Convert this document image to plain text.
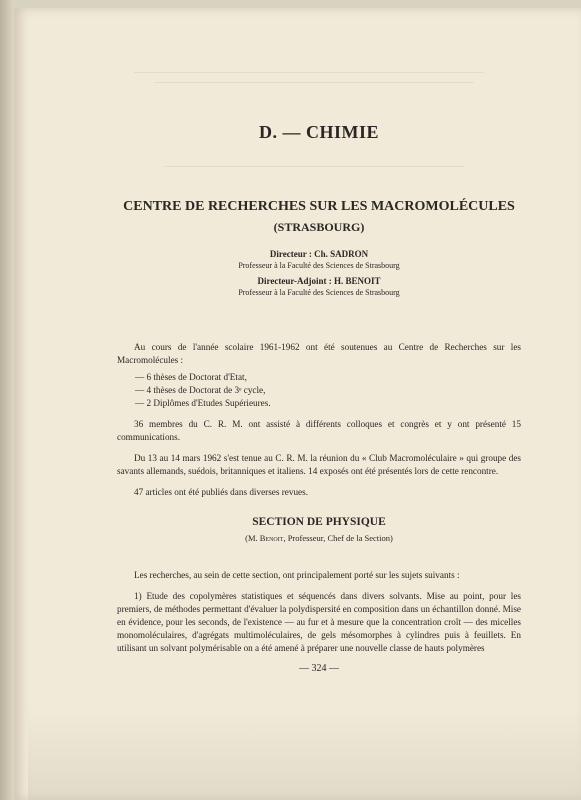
D. — CHIMIE
CENTRE DE RECHERCHES SUR LES MACROMOLÉCULES
(STRASBOURG)
Directeur : Ch. SADRON
Professeur à la Faculté des Sciences de Strasbourg
Directeur-Adjoint : H. BENOIT
Professeur à la Faculté des Sciences de Strasbourg

Au cours de l'année scolaire 1961-1962 ont été soutenues au Centre de Recherches sur les Macromolécules :

— 6 thèses de Doctorat d'Etat,
— 4 thèses de Doctorat de 3ᵉ cycle,
— 2 Diplômes d'Etudes Supérieures.

36 membres du C. R. M. ont assisté à différents colloques et congrès et y ont présenté 15 communications.

Du 13 au 14 mars 1962 s'est tenue au C. R. M. la réunion du « Club Macromoléculaire » qui groupe des savants allemands, suédois, britanniques et italiens. 14 exposés ont été présentés lors de cette rencontre.

47 articles ont été publiés dans diverses revues.

SECTION DE PHYSIQUE
(M. Benoit, Professeur, Chef de la Section)

Les recherches, au sein de cette section, ont principalement porté sur les sujets suivants :

1) Etude des copolymères statistiques et séquencés dans divers solvants. Mise au point, pour les premiers, de méthodes permettant d'évaluer la polydispersité en composition dans un échantillon donné. Mise en évidence, pour les seconds, de l'existence — au fur et à mesure que la concentration croît — des micelles monomoléculaires, d'agrégats multimoléculaires, de gels mésomorphes à cylindres puis à feuillets. En utilisant un solvant polymérisable on a été amené à préparer une nouvelle classe de hauts polymères

— 324 —
